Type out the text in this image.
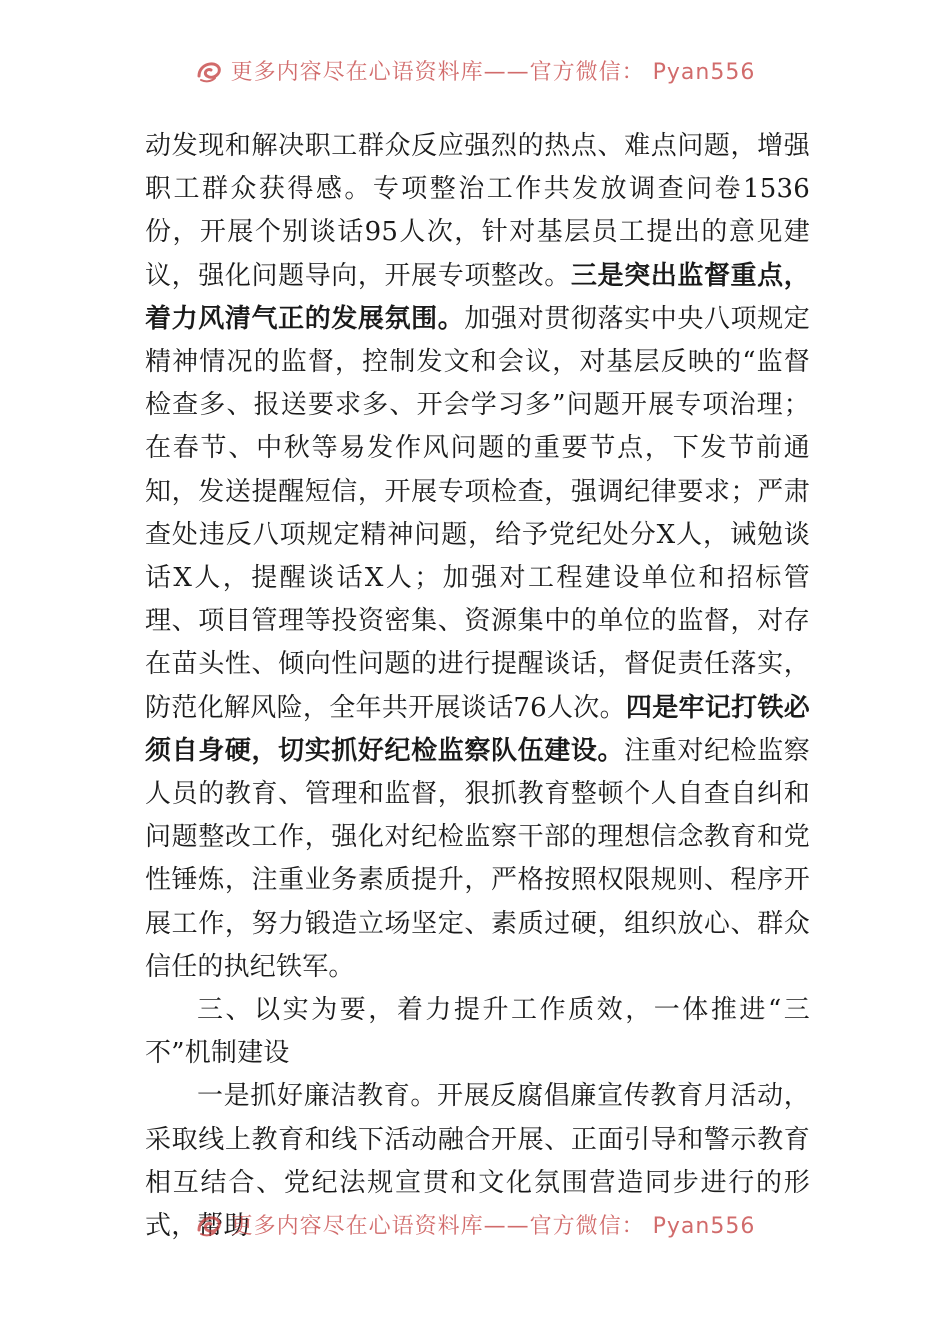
更多内容尽在心语资料库——官方微信： Pyan556

动发现和解决职工群众反应强烈的热点、难点问题，增强职工群众获得感。专项整治工作共发放调查问卷1536份，开展个别谈话95人次，针对基层员工提出的意见建议，强化问题导向，开展专项整改。三是突出监督重点，着力风清气正的发展氛围。加强对贯彻落实中央八项规定精神情况的监督，控制发文和会议，对基层反映的“监督检查多、报送要求多、开会学习多”问题开展专项治理；在春节、中秋等易发作风问题的重要节点，下发节前通知，发送提醒短信，开展专项检查，强调纪律要求；严肃查处违反八项规定精神问题，给予党纪处分X人，诫勉谈话X人，提醒谈话X人；加强对工程建设单位和招标管理、项目管理等投资密集、资源集中的单位的监督，对存在苗头性、倾向性问题的进行提醒谈话，督促责任落实，防范化解风险，全年共开展谈话76人次。四是牢记打铁必须自身硬，切实抓好纪检监察队伍建设。注重对纪检监察人员的教育、管理和监督，狠抓教育整顿个人自查自纠和问题整改工作，强化对纪检监察干部的理想信念教育和党性锤炼，注重业务素质提升，严格按照权限规则、程序开展工作，努力锻造立场坚定、素质过硬，组织放心、群众信任的执纪铁军。

三、以实为要，着力提升工作质效，一体推进“三不”机制建设

一是抓好廉洁教育。开展反腐倡廉宣传教育月活动，采取线上教育和线下活动融合开展、正面引导和警示教育相互结合、党纪法规宣贯和文化氛围营造同步进行的形式，帮助

更多内容尽在心语资料库——官方微信： Pyan556
